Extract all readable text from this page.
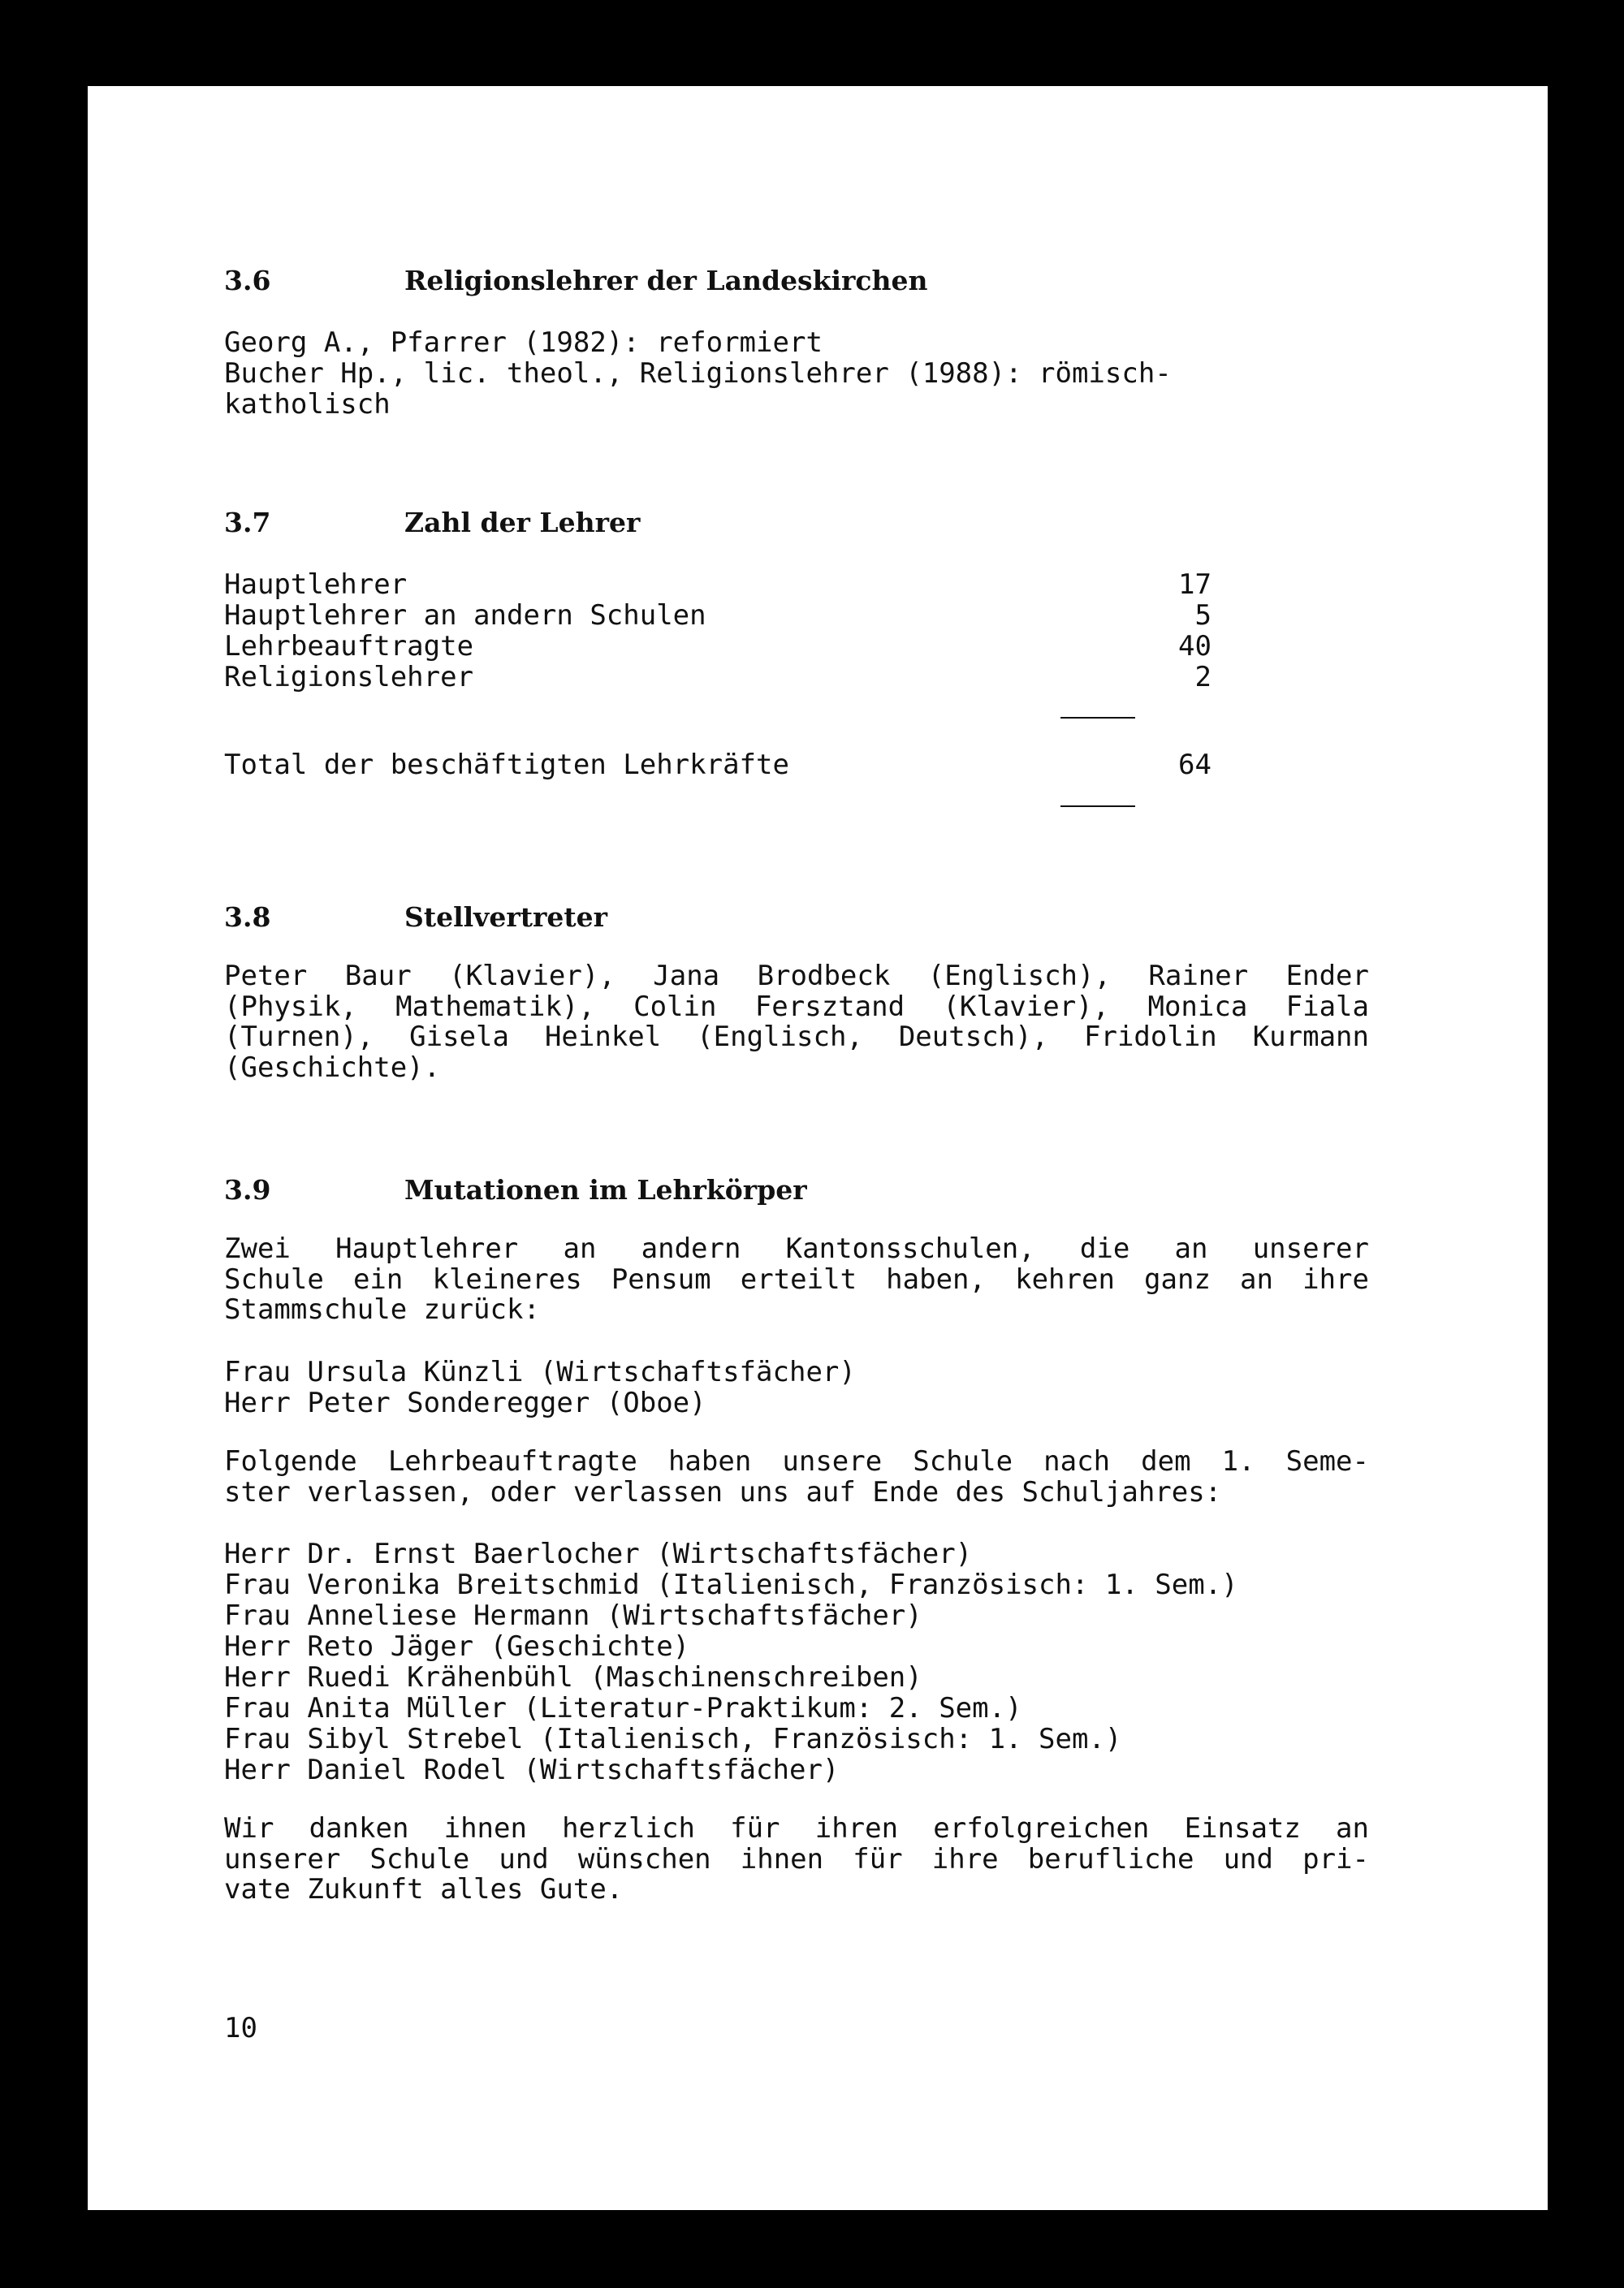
3.6	Religionslehrer der Landeskirchen
Georg A., Pfarrer (1982): reformiert
Bucher Hp., lic. theol., Religionslehrer (1988): römisch-
katholisch
3.7	Zahl der Lehrer
Hauptlehrer	17
Hauptlehrer an andern Schulen	5
Lehrbeauftragte	40
Religionslehrer	2
Total der beschäftigten Lehrkräfte	64
3.8	Stellvertreter
Peter Baur (Klavier), Jana Brodbeck (Englisch), Rainer Ender
(Physik, Mathematik), Colin Fersztand (Klavier), Monica Fiala
(Turnen), Gisela Heinkel (Englisch, Deutsch), Fridolin Kurmann
(Geschichte).
3.9	Mutationen im Lehrkörper
Zwei Hauptlehrer an andern Kantonsschulen, die an unserer
Schule ein kleineres Pensum erteilt haben, kehren ganz an ihre
Stammschule zurück:
Frau Ursula Künzli (Wirtschaftsfächer)
Herr Peter Sonderegger (Oboe)
Folgende Lehrbeauftragte haben unsere Schule nach dem 1. Seme-
ster verlassen, oder verlassen uns auf Ende des Schuljahres:
Herr Dr. Ernst Baerlocher (Wirtschaftsfächer)
Frau Veronika Breitschmid (Italienisch, Französisch: 1. Sem.)
Frau Anneliese Hermann (Wirtschaftsfächer)
Herr Reto Jäger (Geschichte)
Herr Ruedi Krähenbühl (Maschinenschreiben)
Frau Anita Müller (Literatur-Praktikum: 2. Sem.)
Frau Sibyl Strebel (Italienisch, Französisch: 1. Sem.)
Herr Daniel Rodel (Wirtschaftsfächer)
Wir danken ihnen herzlich für ihren erfolgreichen Einsatz an
unserer Schule und wünschen ihnen für ihre berufliche und pri-
vate Zukunft alles Gute.
10
